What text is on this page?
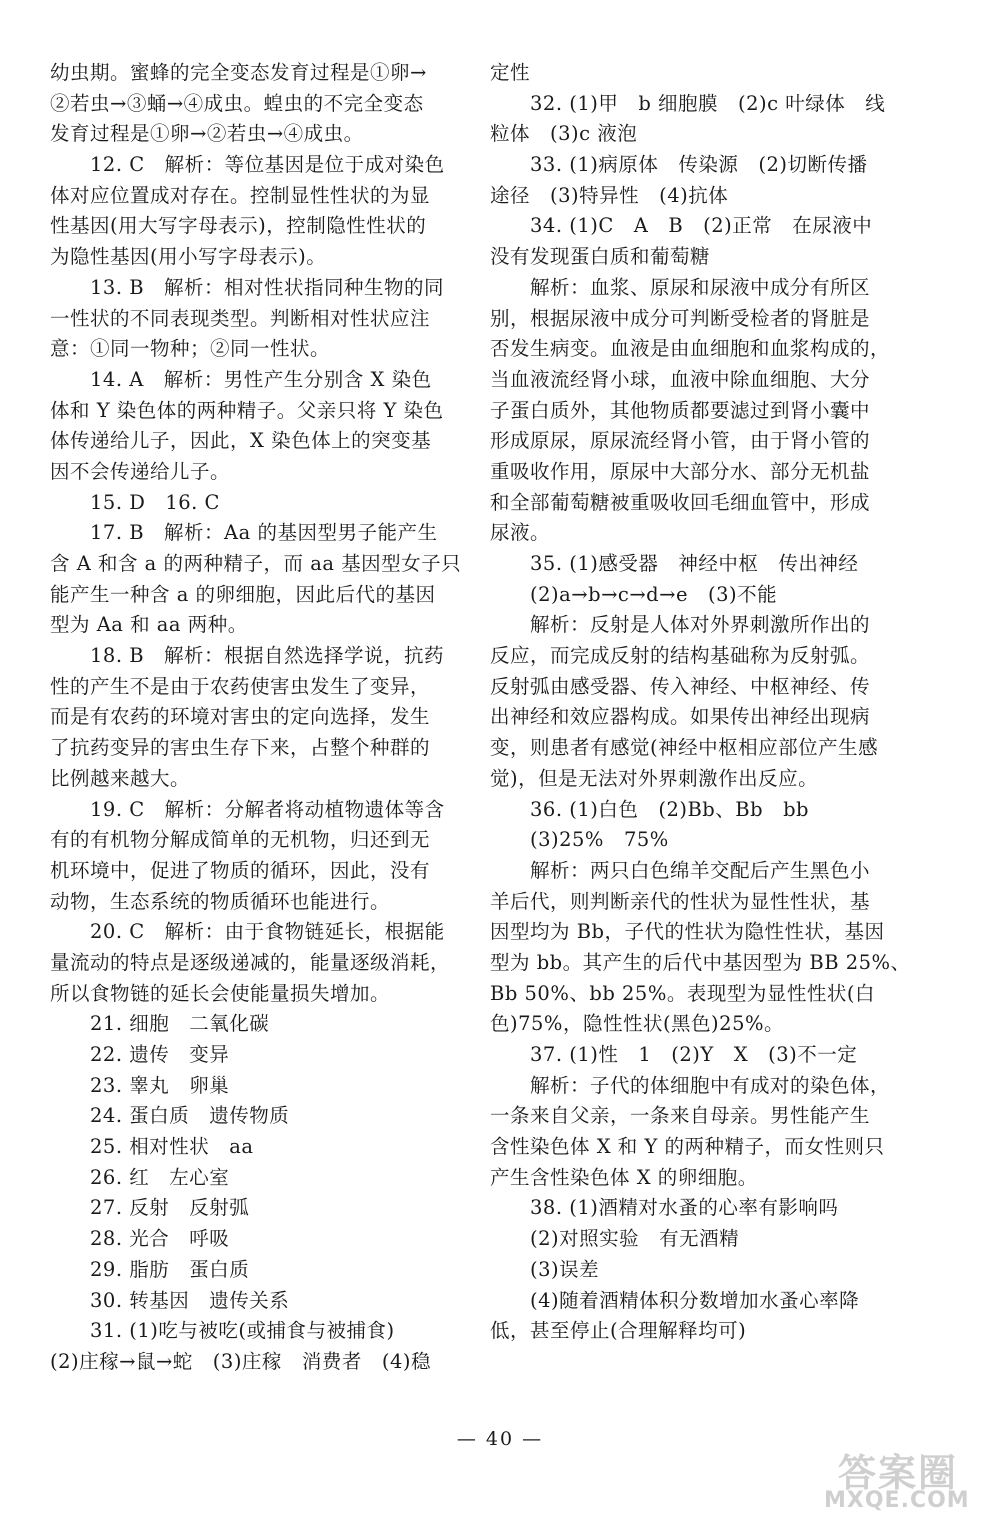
幼虫期。蜜蜂的完全变态发育过程是①卵→
②若虫→③蛹→④成虫。蝗虫的不完全变态
发育过程是①卵→②若虫→④成虫。
12. C　解析：等位基因是位于成对染色
体对应位置成对存在。控制显性性状的为显
性基因(用大写字母表示)，控制隐性性状的
为隐性基因(用小写字母表示)。
13. B　解析：相对性状指同种生物的同
一性状的不同表现类型。判断相对性状应注
意：①同一物种；②同一性状。
14. A　解析：男性产生分别含 X 染色
体和 Y 染色体的两种精子。父亲只将 Y 染色
体传递给儿子，因此，X 染色体上的突变基
因不会传递给儿子。
15. D　16. C
17. B　解析：Aa 的基因型男子能产生
含 A 和含 a 的两种精子，而 aa 基因型女子只
能产生一种含 a 的卵细胞，因此后代的基因
型为 Aa 和 aa 两种。
18. B　解析：根据自然选择学说，抗药
性的产生不是由于农药使害虫发生了变异，
而是有农药的环境对害虫的定向选择，发生
了抗药变异的害虫生存下来，占整个种群的
比例越来越大。
19. C　解析：分解者将动植物遗体等含
有的有机物分解成简单的无机物，归还到无
机环境中，促进了物质的循环，因此，没有
动物，生态系统的物质循环也能进行。
20. C　解析：由于食物链延长，根据能
量流动的特点是逐级递减的，能量逐级消耗，
所以食物链的延长会使能量损失增加。
21. 细胞　二氧化碳
22. 遗传　变异
23. 睾丸　卵巢
24. 蛋白质　遗传物质
25. 相对性状　aa
26. 红　左心室
27. 反射　反射弧
28. 光合　呼吸
29. 脂肪　蛋白质
30. 转基因　遗传关系
31. (1)吃与被吃(或捕食与被捕食)
(2)庄稼→鼠→蛇　(3)庄稼　消费者　(4)稳
定性
32. (1)甲　b 细胞膜　(2)c 叶绿体　线
粒体　(3)c 液泡
33. (1)病原体　传染源　(2)切断传播
途径　(3)特异性　(4)抗体
34. (1)C　A　B　(2)正常　在尿液中
没有发现蛋白质和葡萄糖
解析：血浆、原尿和尿液中成分有所区
别，根据尿液中成分可判断受检者的肾脏是
否发生病变。血液是由血细胞和血浆构成的，
当血液流经肾小球，血液中除血细胞、大分
子蛋白质外，其他物质都要滤过到肾小囊中
形成原尿，原尿流经肾小管，由于肾小管的
重吸收作用，原尿中大部分水、部分无机盐
和全部葡萄糖被重吸收回毛细血管中，形成
尿液。
35. (1)感受器　神经中枢　传出神经
(2)a→b→c→d→e　(3)不能
解析：反射是人体对外界刺激所作出的
反应，而完成反射的结构基础称为反射弧。
反射弧由感受器、传入神经、中枢神经、传
出神经和效应器构成。如果传出神经出现病
变，则患者有感觉(神经中枢相应部位产生感
觉)，但是无法对外界刺激作出反应。
36. (1)白色　(2)Bb、Bb　bb
(3)25%　75%
解析：两只白色绵羊交配后产生黑色小
羊后代，则判断亲代的性状为显性性状，基
因型均为 Bb，子代的性状为隐性性状，基因
型为 bb。其产生的后代中基因型为 BB 25%、
Bb 50%、bb 25%。表现型为显性性状(白
色)75%，隐性性状(黑色)25%。
37. (1)性　1　(2)Y　X　(3)不一定
解析：子代的体细胞中有成对的染色体，
一条来自父亲，一条来自母亲。男性能产生
含性染色体 X 和 Y 的两种精子，而女性则只
产生含性染色体 X 的卵细胞。
38. (1)酒精对水蚤的心率有影响吗
(2)对照实验　有无酒精
(3)误差
(4)随着酒精体积分数增加水蚤心率降
低，甚至停止(合理解释均可)
— 40 —
答案圈
MXQE.COM
